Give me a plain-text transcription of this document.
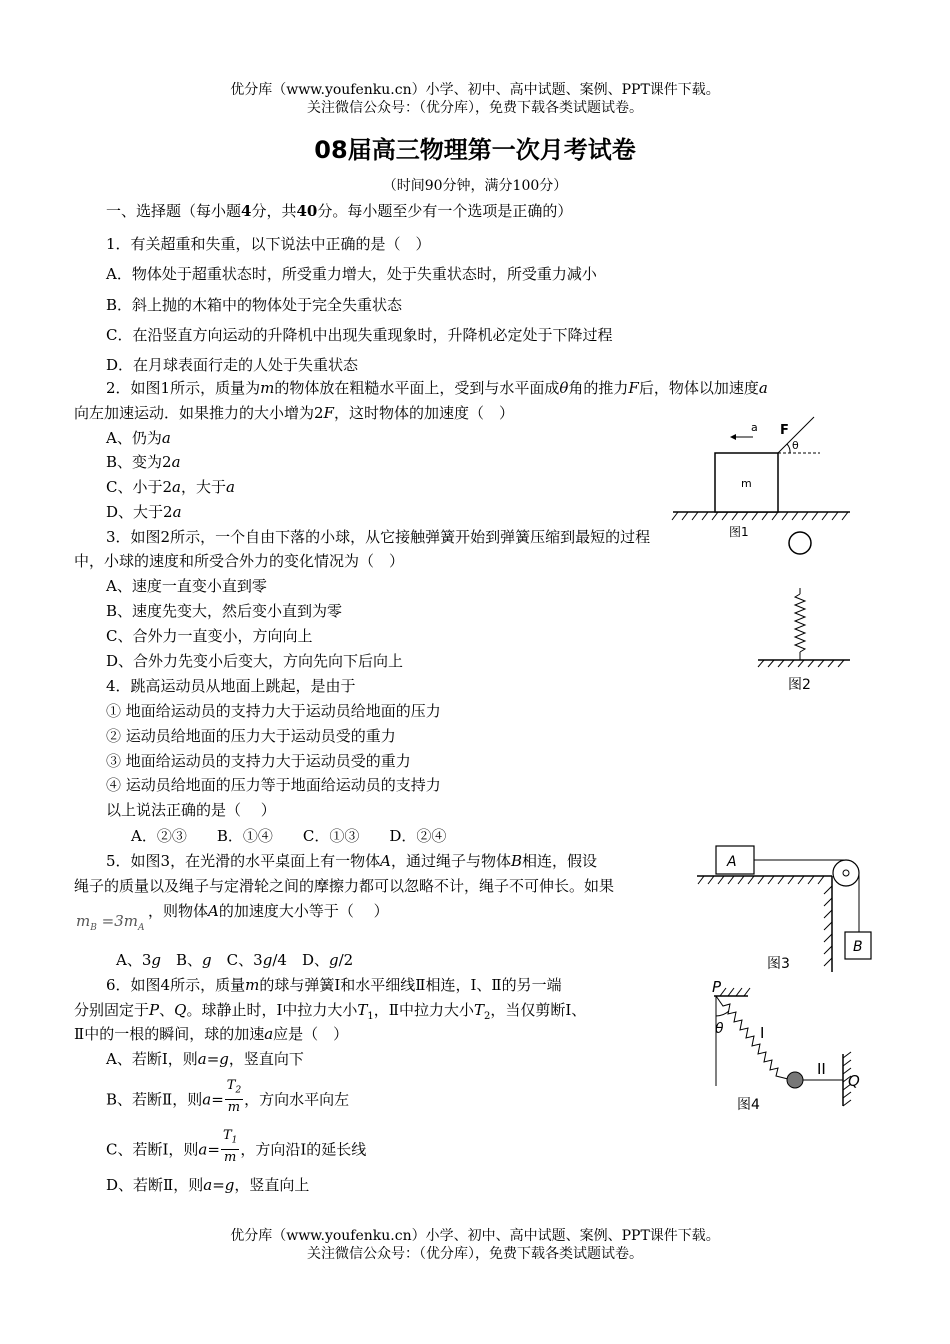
优分库（www.youfenku.cn）小学、初中、高中试题、案例、PPT课件下载。
关注微信公众号：（优分库），免费下载各类试题试卷。
08届高三物理第一次月考试卷
（时间90分钟，满分100分）
一、选择题（每小题4分，共40分。每小题至少有一个选项是正确的）
1．有关超重和失重，以下说法中正确的是（　）
A．物体处于超重状态时，所受重力增大，处于失重状态时，所受重力减小
B．斜上抛的木箱中的物体处于完全失重状态
C．在沿竖直方向运动的升降机中出现失重现象时，升降机必定处于下降过程
D．在月球表面行走的人处于失重状态
2．如图1所示，质量为m的物体放在粗糙水平面上，受到与水平面成θ角的推力F后，物体以加速度a
向左加速运动．如果推力的大小增为2F，这时物体的加速度（　）
A、仍为a
B、变为2a
C、小于2a，大于a
D、大于2a
3．如图2所示，一个自由下落的小球，从它接触弹簧开始到弹簧压缩到最短的过程
中，小球的速度和所受合外力的变化情况为（　）
A、速度一直变小直到零
B、速度先变大，然后变小直到为零
C、合外力一直变小，方向向上
D、合外力先变小后变大，方向先向下后向上
4．跳高运动员从地面上跳起，是由于
① 地面给运动员的支持力大于运动员给地面的压力
② 运动员给地面的压力大于运动员受的重力
③ 地面给运动员的支持力大于运动员受的重力
④ 运动员给地面的压力等于地面给运动员的支持力
以上说法正确的是（　 ）
A．②③　　B．①④　　C．①③　　D．②④
5．如图3，在光滑的水平桌面上有一物体A，通过绳子与物体B相连，假设
绳子的质量以及绳子与定滑轮之间的摩擦力都可以忽略不计，绳子不可伸长。如果
$m_B =3m_A$
，则物体A的加速度大小等于（　 ）
A、3g　 B、g　 C、3g/4　 D、g/2
6．如图4所示，质量m的球与弹簧Ⅰ和水平细线Ⅱ相连，Ⅰ、Ⅱ的另一端
分别固定于P、Q。球静止时，Ⅰ中拉力大小$T_1$，Ⅱ中拉力大小$T_2$，当仅剪断Ⅰ、
Ⅱ中的一根的瞬间，球的加速a应是（　）
A、若断Ⅰ，则a=g，竖直向下
B、若断Ⅱ，则$a= \frac{T_2}{m}$ ，方向水平向左
C、若断Ⅰ，则$a= \frac{T_1}{m}$ ，方向沿Ⅰ的延长线
D、若断Ⅱ，则a=g，竖直向上
m
F
θ
a
图1
图2
A
B
图3
P
θ I
II
Q
图4
优分库（www.youfenku.cn）小学、初中、高中试题、案例、PPT课件下载。
关注微信公众号：（优分库），免费下载各类试题试卷。
